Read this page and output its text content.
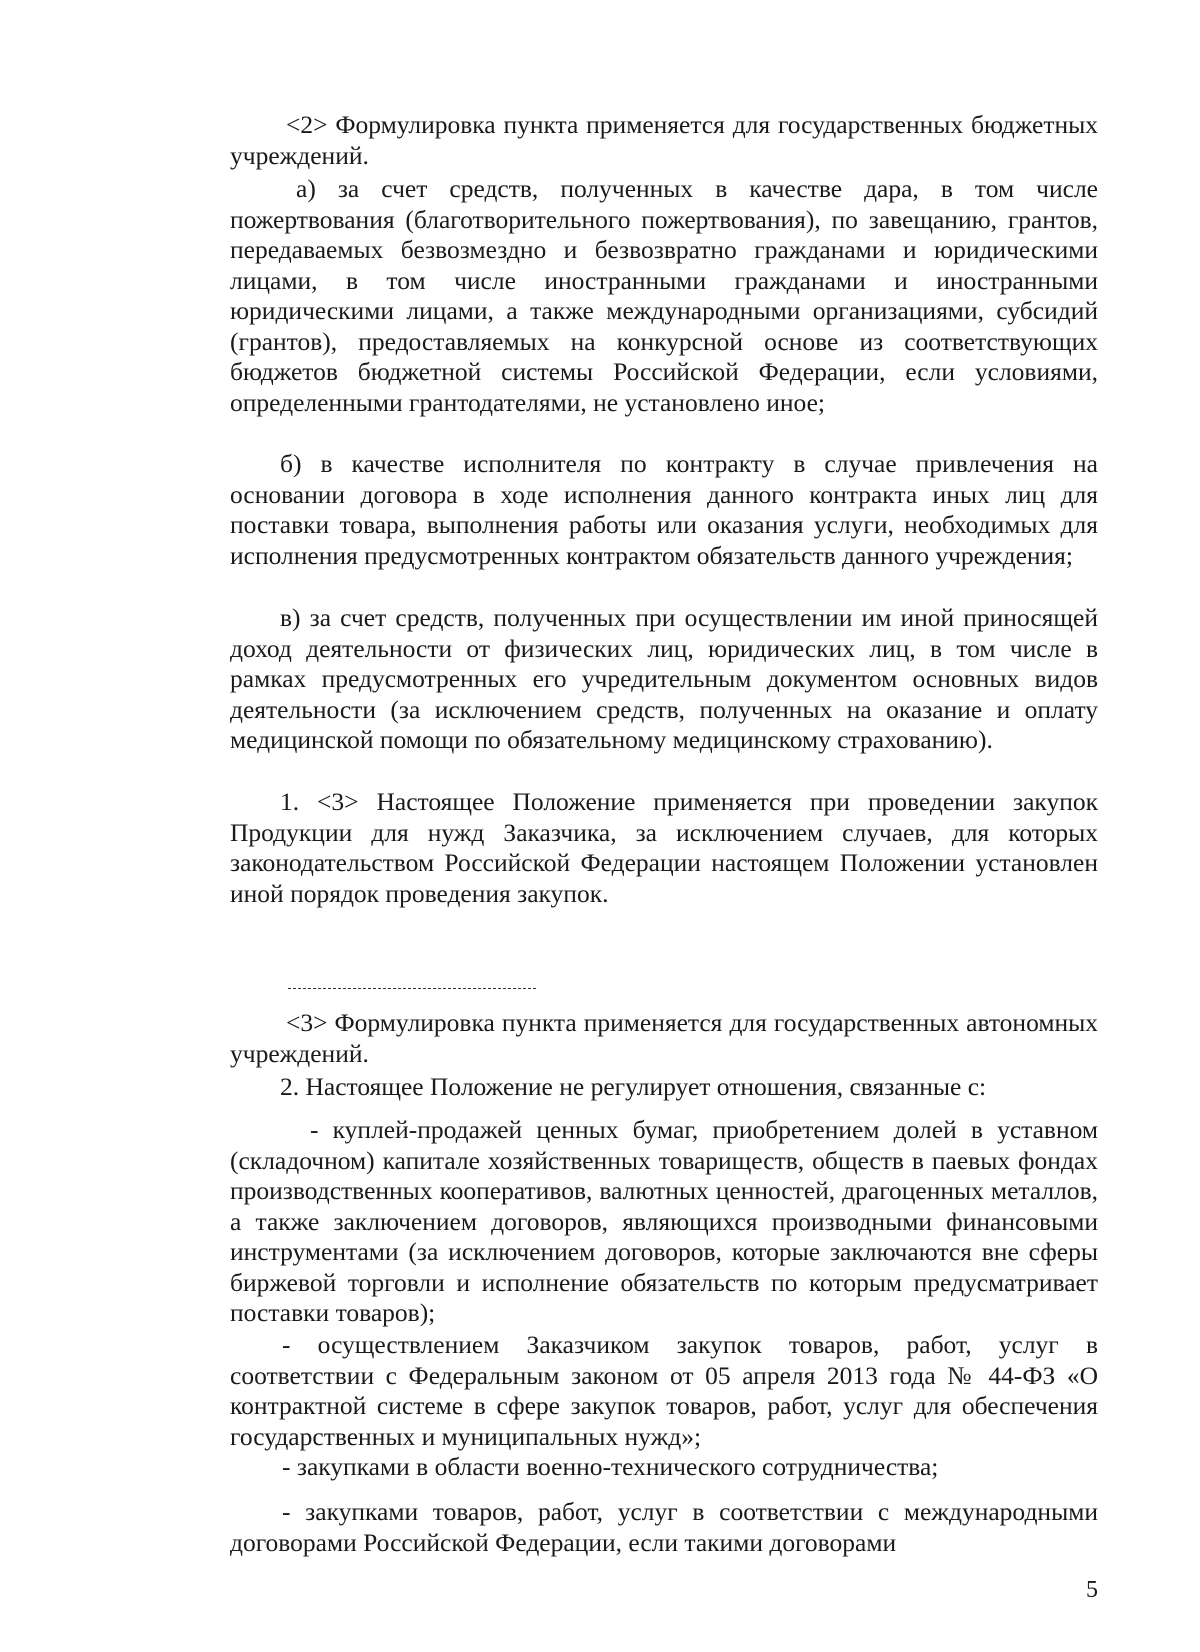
<2> Формулировка пункта применяется для государственных бюджетных учреждений.

а) за счет средств, полученных в качестве дара, в том числе пожертвования (благотворительного пожертвования), по завещанию, грантов, передаваемых безвозмездно и безвозвратно гражданами и юридическими лицами, в том числе иностранными гражданами и иностранными юридическими лицами, а также международными организациями, субсидий (грантов), предоставляемых на конкурсной основе из соответствующих бюджетов бюджетной системы Российской Федерации, если условиями, определенными грантодателями, не установлено иное;

б) в качестве исполнителя по контракту в случае привлечения на основании договора в ходе исполнения данного контракта иных лиц для поставки товара, выполнения работы или оказания услуги, необходимых для исполнения предусмотренных контрактом обязательств данного учреждения;

в) за счет средств, полученных при осуществлении им иной приносящей доход деятельности от физических лиц, юридических лиц, в том числе в рамках предусмотренных его учредительным документом основных видов деятельности (за исключением средств, полученных на оказание и оплату медицинской помощи по обязательному медицинскому страхованию).

1. <3> Настоящее Положение применяется при проведении закупок Продукции для нужд Заказчика, за исключением случаев, для которых законодательством Российской Федерации настоящем Положении установлен иной порядок проведения закупок.

<3> Формулировка пункта применяется для государственных автономных учреждений.

2. Настоящее Положение не регулирует отношения, связанные с:

- куплей-продажей ценных бумаг, приобретением долей в уставном (складочном) капитале хозяйственных товариществ, обществ в паевых фондах производственных кооперативов, валютных ценностей, драгоценных металлов, а также заключением договоров, являющихся производными финансовыми инструментами (за исключением договоров, которые заключаются вне сферы биржевой торговли и исполнение обязательств по которым предусматривает поставки товаров);

- осуществлением Заказчиком закупок товаров, работ, услуг в соответствии с Федеральным законом от 05 апреля 2013 года № 44-ФЗ «О контрактной системе в сфере закупок товаров, работ, услуг для обеспечения государственных и муниципальных нужд»;

- закупками в области военно-технического сотрудничества;

- закупками товаров, работ, услуг в соответствии с международными договорами Российской Федерации, если такими договорами

5
